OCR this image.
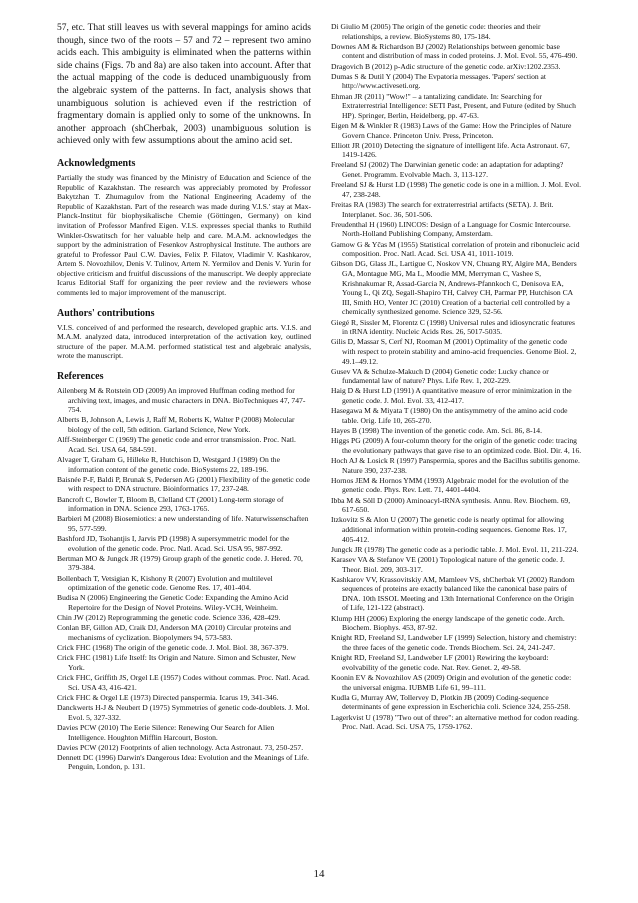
57, etc. That still leaves us with several mappings for amino acids though, since two of the roots – 57 and 72 – represent two amino acids each. This ambiguity is eliminated when the patterns within side chains (Figs. 7b and 8a) are also taken into account. After that the actual mapping of the code is deduced unambiguously from the algebraic system of the patterns. In fact, analysis shows that unambiguous solution is achieved even if the restriction of fragmentary domain is applied only to some of the unknowns. In another approach (shCherbak, 2003) unambiguous solution is achieved only with few assumptions about the amino acid set.

Acknowledgments

Partially the study was financed by the Ministry of Education and Science of the Republic of Kazakhstan. The research was appreciably promoted by Professor Bakytzhan T. Zhumagulov from the National Engineering Academy of the Republic of Kazakhstan. Part of the research was made during V.I.S.' stay at Max-Planck-Institut für biophysikalische Chemie (Göttingen, Germany) on kind invitation of Professor Manfred Eigen. V.I.S. expresses special thanks to Ruthild Winkler-Oswatitsch for her valuable help and care. M.A.M. acknowledges the support by the administration of Fesenkov Astrophysical Institute. The authors are grateful to Professor Paul C.W. Davies, Felix P. Filatov, Vladimir V. Kashkarov, Artem S. Novozhilov, Denis V. Tulinov, Artem N. Yermilov and Denis V. Yurin for objective criticism and fruitful discussions of the manuscript. We deeply appreciate Icarus Editorial Staff for organizing the peer review and the reviewers whose comments led to major improvement of the manuscript.

Authors' contributions

V.I.S. conceived of and performed the research, developed graphic arts. V.I.S. and M.A.M. analyzed data, introduced interpretation of the activation key, outlined structure of the paper. M.A.M. performed statistical test and algebraic analysis, wrote the manuscript.

References

Ailenberg M & Rotstein OD (2009) An improved Huffman coding method for archiving text, images, and music characters in DNA. BioTechniques 47, 747-754.

Alberts B, Johnson A, Lewis J, Raff M, Roberts K, Walter P (2008) Molecular biology of the cell, 5th edition. Garland Science, New York.

Alff-Steinberger C (1969) The genetic code and error transmission. Proc. Natl. Acad. Sci. USA 64, 584-591.

Alvager T, Graham G, Hilleke R, Hutchison D, Westgard J (1989) On the information content of the genetic code. BioSystems 22, 189-196.

Baisnée P-F, Baldi P, Brunak S, Pedersen AG (2001) Flexibility of the genetic code with respect to DNA structure. Bioinformatics 17, 237-248.

Bancroft C, Bowler T, Bloom B, Clelland CT (2001) Long-term storage of information in DNA. Science 293, 1763-1765.

Barbieri M (2008) Biosemiotics: a new understanding of life. Naturwissenschaften 95, 577-599.

Bashford JD, Tsohantjis I, Jarvis PD (1998) A supersymmetric model for the evolution of the genetic code. Proc. Natl. Acad. Sci. USA 95, 987-992.

Bertman MO & Jungck JR (1979) Group graph of the genetic code. J. Hered. 70, 379-384.

Bollenbach T, Vetsigian K, Kishony R (2007) Evolution and multilevel optimization of the genetic code. Genome Res. 17, 401-404.

Budisa N (2006) Engineering the Genetic Code: Expanding the Amino Acid Repertoire for the Design of Novel Proteins. Wiley-VCH, Weinheim.

Chin JW (2012) Reprogramming the genetic code. Science 336, 428-429.

Conlan BF, Gillon AD, Craik DJ, Anderson MA (2010) Circular proteins and mechanisms of cyclization. Biopolymers 94, 573-583.

Crick FHC (1968) The origin of the genetic code. J. Mol. Biol. 38, 367-379.

Crick FHC (1981) Life Itself: Its Origin and Nature. Simon and Schuster, New York.

Crick FHC, Griffith JS, Orgel LE (1957) Codes without commas. Proc. Natl. Acad. Sci. USA 43, 416-421.

Crick FHC & Orgel LE (1973) Directed panspermia. Icarus 19, 341-346.

Danckwerts H-J & Neubert D (1975) Symmetries of genetic code-doublets. J. Mol. Evol. 5, 327-332.

Davies PCW (2010) The Eerie Silence: Renewing Our Search for Alien Intelligence. Houghton Mifflin Harcourt, Boston.

Davies PCW (2012) Footprints of alien technology. Acta Astronaut. 73, 250-257.

Dennett DC (1996) Darwin's Dangerous Idea: Evolution and the Meanings of Life. Penguin, London, p. 131.

Di Giulio M (2005) The origin of the genetic code: theories and their relationships, a review. BioSystems 80, 175-184.

Downes AM & Richardson BJ (2002) Relationships between genomic base content and distribution of mass in coded proteins. J. Mol. Evol. 55, 476-490.

Dragovich B (2012) p-Adic structure of the genetic code. arXiv:1202.2353.

Dumas S & Dutil Y (2004) The Evpatoria messages. 'Papers' section at http://www.activeseti.org.

Ehman JR (2011) "Wow!" – a tantalizing candidate. In: Searching for Extraterrestrial Intelligence: SETI Past, Present, and Future (edited by Shuch HP). Springer, Berlin, Heidelberg, pp. 47-63.

Eigen M & Winkler R (1983) Laws of the Game: How the Principles of Nature Govern Chance. Princeton Univ. Press, Princeton.

Elliott JR (2010) Detecting the signature of intelligent life. Acta Astronaut. 67, 1419-1426.

Freeland SJ (2002) The Darwinian genetic code: an adaptation for adapting? Genet. Programm. Evolvable Mach. 3, 113-127.

Freeland SJ & Hurst LD (1998) The genetic code is one in a million. J. Mol. Evol. 47, 238-248.

Freitas RA (1983) The search for extraterrestrial artifacts (SETA). J. Brit. Interplanet. Soc. 36, 501-506.

Freudenthal H (1960) LINCOS: Design of a Language for Cosmic Intercourse. North-Holland Publishing Company, Amsterdam.

Gamow G & Yčas M (1955) Statistical correlation of protein and ribonucleic acid composition. Proc. Natl. Acad. Sci. USA 41, 1011-1019.

Gibson DG, Glass JL, Lartigue C, Noskov VN, Chuang RY, Algire MA, Benders GA, Montague MG, Ma L, Moodie MM, Merryman C, Vashee S, Krishnakumar R, Assad-Garcia N, Andrews-Pfannkoch C, Denisova EA, Young L, Qi ZQ, Segall-Shapiro TH, Calvey CH, Parmar PP, Hutchison CA III, Smith HO, Venter JC (2010) Creation of a bacterial cell controlled by a chemically synthesized genome. Science 329, 52-56.

Giegé R, Sissler M, Florentz C (1998) Universal rules and idiosyncratic features in tRNA identity. Nucleic Acids Res. 26, 5017-5035.

Gilis D, Massar S, Cerf NJ, Rooman M (2001) Optimality of the genetic code with respect to protein stability and amino-acid frequencies. Genome Biol. 2, 49.1–49.12.

Gusev VA & Schulze-Makuch D (2004) Genetic code: Lucky chance or fundamental law of nature? Phys. Life Rev. 1, 202-229.

Haig D & Hurst LD (1991) A quantitative measure of error minimization in the genetic code. J. Mol. Evol. 33, 412-417.

Hasegawa M & Miyata T (1980) On the antisymmetry of the amino acid code table. Orig. Life 10, 265-270.

Hayes B (1998) The invention of the genetic code. Am. Sci. 86, 8-14.

Higgs PG (2009) A four-column theory for the origin of the genetic code: tracing the evolutionary pathways that gave rise to an optimized code. Biol. Dir. 4, 16.

Hoch AJ & Losick R (1997) Panspermia, spores and the Bacillus subtilis genome. Nature 390, 237-238.

Hornos JEM & Hornos YMM (1993) Algebraic model for the evolution of the genetic code. Phys. Rev. Lett. 71, 4401-4404.

Ibba M & Söll D (2000) Aminoacyl-tRNA synthesis. Annu. Rev. Biochem. 69, 617-650.

Itzkovitz S & Alon U (2007) The genetic code is nearly optimal for allowing additional information within protein-coding sequences. Genome Res. 17, 405-412.

Jungck JR (1978) The genetic code as a periodic table. J. Mol. Evol. 11, 211-224.

Karasev VA & Stefanov VE (2001) Topological nature of the genetic code. J. Theor. Biol. 209, 303-317.

Kashkarov VV, Krassovitskiy AM, Mamleev VS, shCherbak VI (2002) Random sequences of proteins are exactly balanced like the canonical base pairs of DNA. 10th ISSOL Meeting and 13th International Conference on the Origin of Life, 121-122 (abstract).

Klump HH (2006) Exploring the energy landscape of the genetic code. Arch. Biochem. Biophys. 453, 87-92.

Knight RD, Freeland SJ, Landweber LF (1999) Selection, history and chemistry: the three faces of the genetic code. Trends Biochem. Sci. 24, 241-247.

Knight RD, Freeland SJ, Landweber LF (2001) Rewiring the keyboard: evolvability of the genetic code. Nat. Rev. Genet. 2, 49-58.

Koonin EV & Novozhilov AS (2009) Origin and evolution of the genetic code: the universal enigma. IUBMB Life 61, 99–111.

Kudla G, Murray AW, Tollervey D, Plotkin JB (2009) Coding-sequence determinants of gene expression in Escherichia coli. Science 324, 255-258.

Lagerkvist U (1978) "Two out of three": an alternative method for codon reading. Proc. Natl. Acad. Sci. USA 75, 1759-1762.

14
